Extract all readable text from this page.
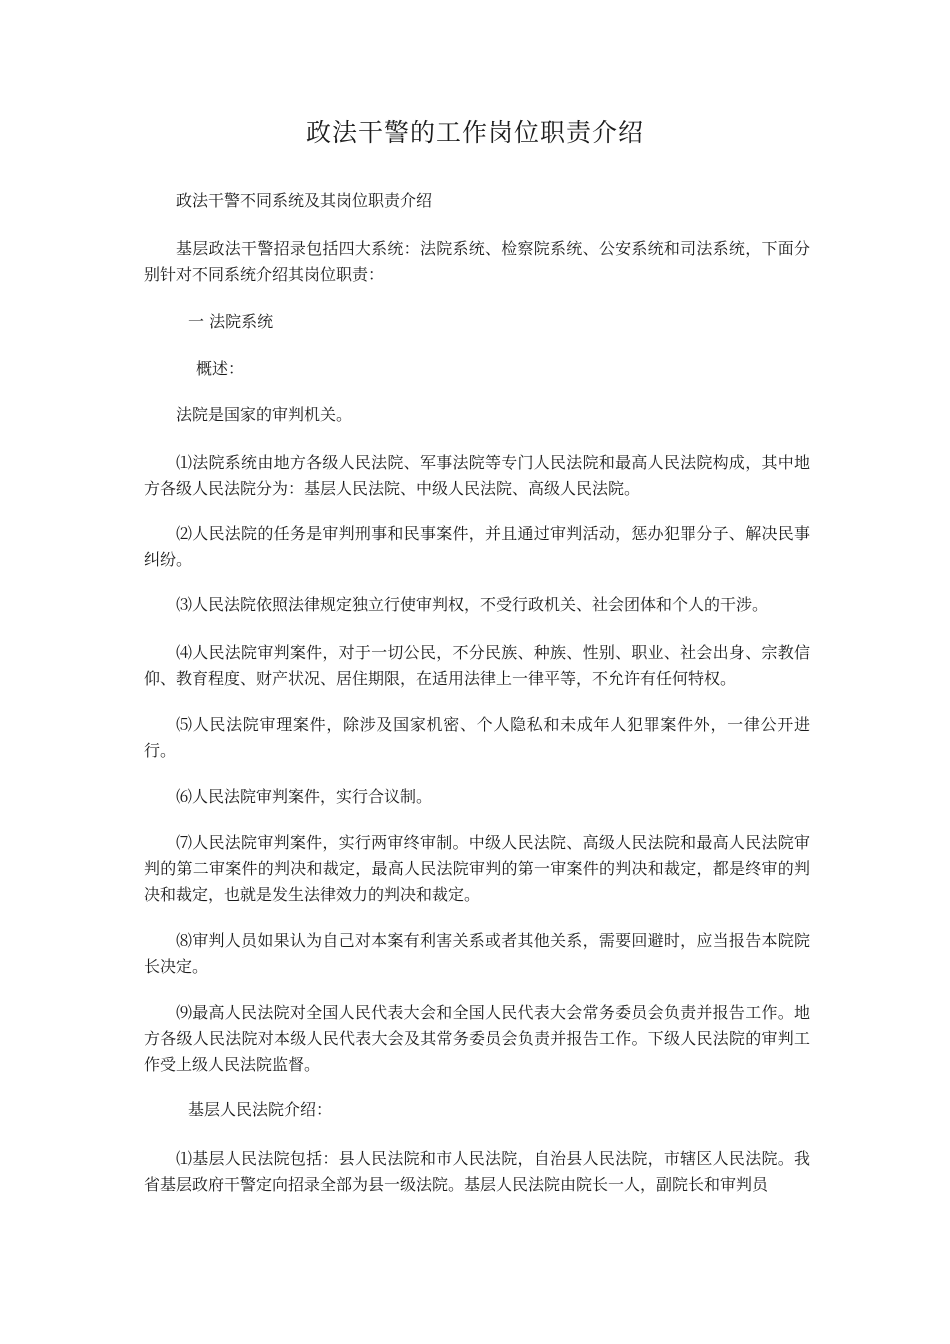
政法干警的工作岗位职责介绍

政法干警不同系统及其岗位职责介绍

基层政法干警招录包括四大系统：法院系统、检察院系统、公安系统和司法系统，下面分别针对不同系统介绍其岗位职责：

一 法院系统

概述：

法院是国家的审判机关。

⑴法院系统由地方各级人民法院、军事法院等专门人民法院和最高人民法院构成，其中地方各级人民法院分为：基层人民法院、中级人民法院、高级人民法院。

⑵人民法院的任务是审判刑事和民事案件，并且通过审判活动，惩办犯罪分子、解决民事纠纷。

⑶人民法院依照法律规定独立行使审判权，不受行政机关、社会团体和个人的干涉。

⑷人民法院审判案件，对于一切公民，不分民族、种族、性别、职业、社会出身、宗教信仰、教育程度、财产状况、居住期限，在适用法律上一律平等，不允许有任何特权。

⑸人民法院审理案件，除涉及国家机密、个人隐私和未成年人犯罪案件外，一律公开进行。

⑹人民法院审判案件，实行合议制。

⑺人民法院审判案件，实行两审终审制。中级人民法院、高级人民法院和最高人民法院审判的第二审案件的判决和裁定，最高人民法院审判的第一审案件的判决和裁定，都是终审的判决和裁定，也就是发生法律效力的判决和裁定。

⑻审判人员如果认为自己对本案有利害关系或者其他关系，需要回避时，应当报告本院院长决定。

⑼最高人民法院对全国人民代表大会和全国人民代表大会常务委员会负责并报告工作。地方各级人民法院对本级人民代表大会及其常务委员会负责并报告工作。下级人民法院的审判工作受上级人民法院监督。

基层人民法院介绍：

⑴基层人民法院包括：县人民法院和市人民法院，自治县人民法院，市辖区人民法院。我省基层政府干警定向招录全部为县一级法院。基层人民法院由院长一人，副院长和审判员
